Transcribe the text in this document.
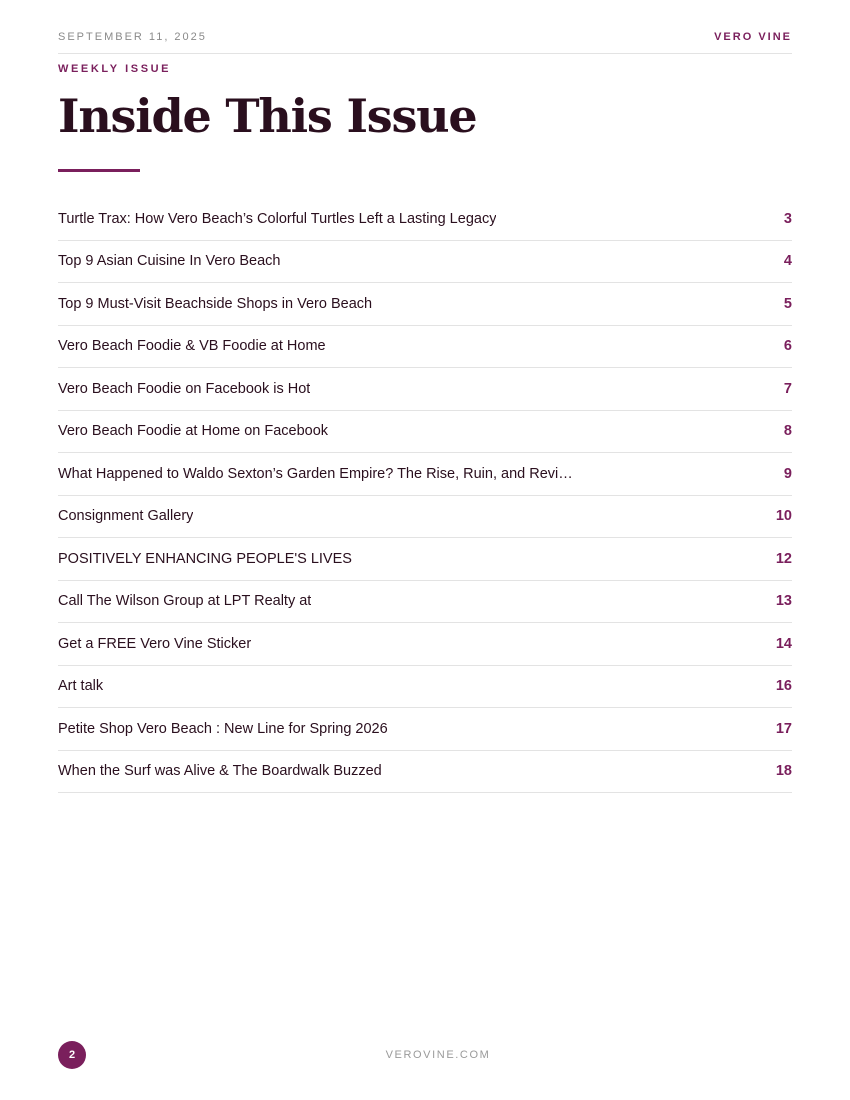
SEPTEMBER 11, 2025	VERO VINE
WEEKLY ISSUE
Inside This Issue
Turtle Trax: How Vero Beach’s Colorful Turtles Left a Lasting Legacy	3
Top 9 Asian Cuisine In Vero Beach	4
Top 9 Must-Visit Beachside Shops in Vero Beach	5
Vero Beach Foodie & VB Foodie at Home	6
Vero Beach Foodie on Facebook is Hot	7
Vero Beach Foodie at Home on Facebook	8
What Happened to Waldo Sexton’s Garden Empire? The Rise, Ruin, and Revi…	9
Consignment Gallery	10
POSITIVELY ENHANCING PEOPLE'S LIVES	12
Call The Wilson Group at LPT Realty at	13
Get a FREE Vero Vine Sticker	14
Art talk	16
Petite Shop Vero Beach : New Line for Spring 2026	17
When the Surf was Alive & The Boardwalk Buzzed	18
2	VEROVINE.COM
